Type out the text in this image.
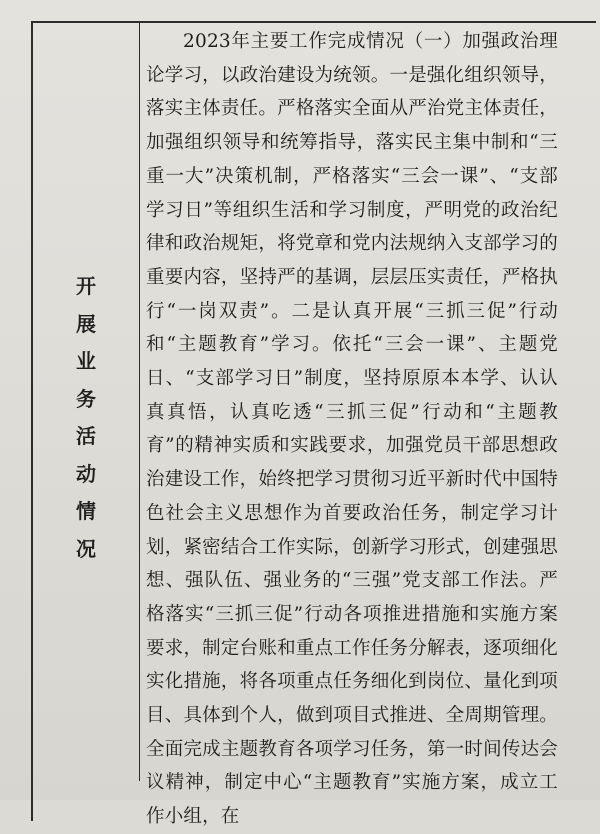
开展业务活动情况

2023年主要工作完成情况（一）加强政治理论学习，以政治建设为统领。一是强化组织领导，落实主体责任。严格落实全面从严治党主体责任，加强组织领导和统筹指导，落实民主集中制和“三重一大”决策机制，严格落实“三会一课”、“支部学习日”等组织生活和学习制度，严明党的政治纪律和政治规矩，将党章和党内法规纳入支部学习的重要内容，坚持严的基调，层层压实责任，严格执行“一岗双责”。二是认真开展“三抓三促”行动和“主题教育”学习。依托“三会一课”、主题党日、“支部学习日”制度，坚持原原本本学、认认真真悟，认真吃透“三抓三促”行动和“主题教育”的精神实质和实践要求，加强党员干部思想政治建设工作，始终把学习贯彻习近平新时代中国特色社会主义思想作为首要政治任务，制定学习计划，紧密结合工作实际，创新学习形式，创建强思想、强队伍、强业务的“三强”党支部工作法。严格落实“三抓三促”行动各项推进措施和实施方案要求，制定台账和重点工作任务分解表，逐项细化实化措施，将各项重点任务细化到岗位、量化到项目、具体到个人，做到项目式推进、全周期管理。全面完成主题教育各项学习任务，第一时间传达会议精神，制定中心“主题教育”实施方案，成立工作小组，在
